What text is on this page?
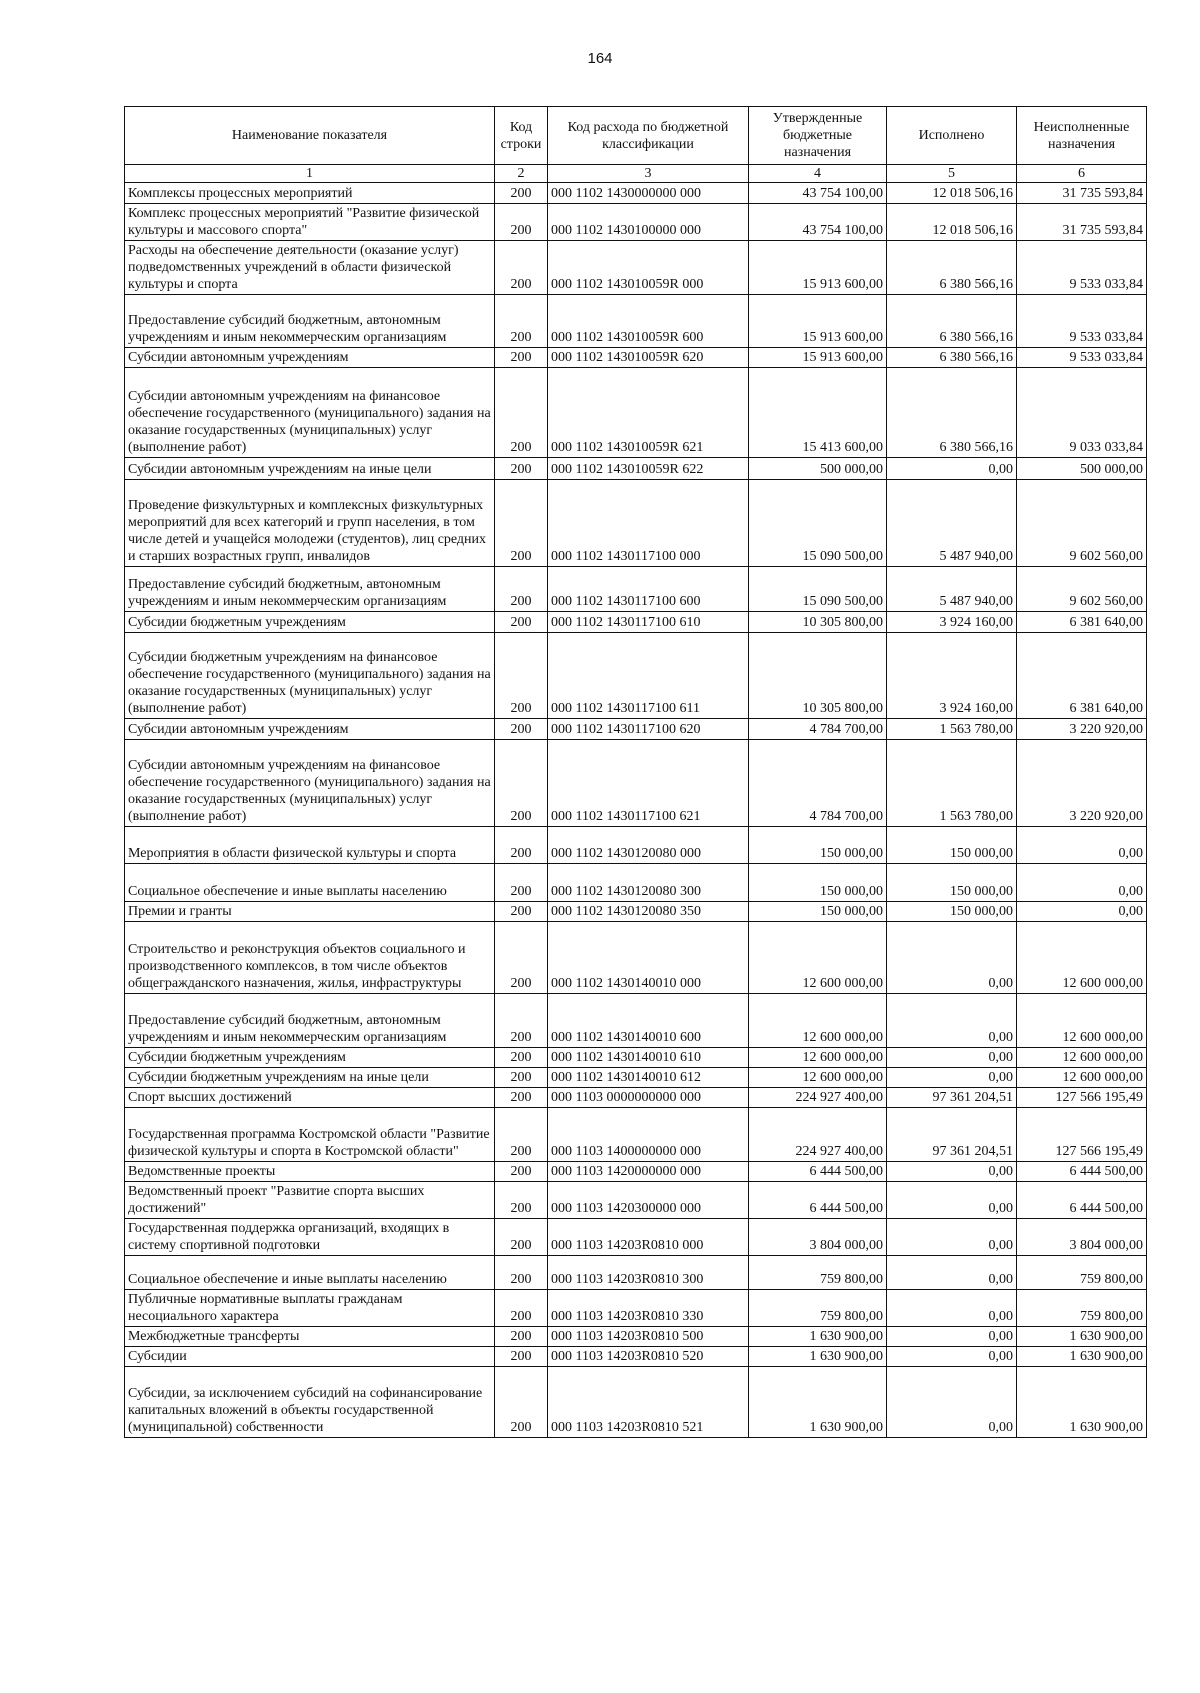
164
Наименование показателя	Код строки	Код расхода по бюджетной классификации	Утвержденные бюджетные назначения	Исполнено	Неисполненные назначения
1	2	3	4	5	6
Комплексы процессных мероприятий	200	000 1102 1430000000 000	43 754 100,00	12 018 506,16	31 735 593,84
Комплекс процессных мероприятий "Развитие физической культуры и массового спорта"	200	000 1102 1430100000 000	43 754 100,00	12 018 506,16	31 735 593,84
Расходы на обеспечение деятельности (оказание услуг) подведомственных учреждений в области физической культуры и спорта	200	000 1102 143010059R 000	15 913 600,00	6 380 566,16	9 533 033,84
Предоставление субсидий бюджетным, автономным учреждениям и иным некоммерческим организациям	200	000 1102 143010059R 600	15 913 600,00	6 380 566,16	9 533 033,84
Субсидии автономным учреждениям	200	000 1102 143010059R 620	15 913 600,00	6 380 566,16	9 533 033,84
Субсидии автономным учреждениям на финансовое обеспечение государственного (муниципального) задания на оказание государственных (муниципальных) услуг (выполнение работ)	200	000 1102 143010059R 621	15 413 600,00	6 380 566,16	9 033 033,84
Субсидии автономным учреждениям на иные цели	200	000 1102 143010059R 622	500 000,00	0,00	500 000,00
Проведение физкультурных и комплексных физкультурных мероприятий для всех категорий и групп населения, в том числе детей и учащейся молодежи (студентов), лиц средних и старших возрастных групп, инвалидов	200	000 1102 1430117100 000	15 090 500,00	5 487 940,00	9 602 560,00
Предоставление субсидий бюджетным, автономным учреждениям и иным некоммерческим организациям	200	000 1102 1430117100 600	15 090 500,00	5 487 940,00	9 602 560,00
Субсидии бюджетным учреждениям	200	000 1102 1430117100 610	10 305 800,00	3 924 160,00	6 381 640,00
Субсидии бюджетным учреждениям на финансовое обеспечение государственного (муниципального) задания на оказание государственных (муниципальных) услуг (выполнение работ)	200	000 1102 1430117100 611	10 305 800,00	3 924 160,00	6 381 640,00
Субсидии автономным учреждениям	200	000 1102 1430117100 620	4 784 700,00	1 563 780,00	3 220 920,00
Субсидии автономным учреждениям на финансовое обеспечение государственного (муниципального) задания на оказание государственных (муниципальных) услуг (выполнение работ)	200	000 1102 1430117100 621	4 784 700,00	1 563 780,00	3 220 920,00
Мероприятия в области физической культуры и спорта	200	000 1102 1430120080 000	150 000,00	150 000,00	0,00
Социальное обеспечение и иные выплаты населению	200	000 1102 1430120080 300	150 000,00	150 000,00	0,00
Премии и гранты	200	000 1102 1430120080 350	150 000,00	150 000,00	0,00
Строительство и реконструкция объектов социального и производственного комплексов, в том числе объектов общегражданского назначения, жилья, инфраструктуры	200	000 1102 1430140010 000	12 600 000,00	0,00	12 600 000,00
Предоставление субсидий бюджетным, автономным учреждениям и иным некоммерческим организациям	200	000 1102 1430140010 600	12 600 000,00	0,00	12 600 000,00
Субсидии бюджетным учреждениям	200	000 1102 1430140010 610	12 600 000,00	0,00	12 600 000,00
Субсидии бюджетным учреждениям на иные цели	200	000 1102 1430140010 612	12 600 000,00	0,00	12 600 000,00
Спорт высших достижений	200	000 1103 0000000000 000	224 927 400,00	97 361 204,51	127 566 195,49
Государственная программа Костромской области "Развитие физической культуры и спорта в Костромской области"	200	000 1103 1400000000 000	224 927 400,00	97 361 204,51	127 566 195,49
Ведомственные проекты	200	000 1103 1420000000 000	6 444 500,00	0,00	6 444 500,00
Ведомственный проект "Развитие спорта высших достижений"	200	000 1103 1420300000 000	6 444 500,00	0,00	6 444 500,00
Государственная поддержка организаций, входящих в систему спортивной подготовки	200	000 1103 14203R0810 000	3 804 000,00	0,00	3 804 000,00
Социальное обеспечение и иные выплаты населению	200	000 1103 14203R0810 300	759 800,00	0,00	759 800,00
Публичные нормативные выплаты гражданам несоциального характера	200	000 1103 14203R0810 330	759 800,00	0,00	759 800,00
Межбюджетные трансферты	200	000 1103 14203R0810 500	1 630 900,00	0,00	1 630 900,00
Субсидии	200	000 1103 14203R0810 520	1 630 900,00	0,00	1 630 900,00
Субсидии, за исключением субсидий на софинансирование капитальных вложений в объекты государственной (муниципальной) собственности	200	000 1103 14203R0810 521	1 630 900,00	0,00	1 630 900,00
